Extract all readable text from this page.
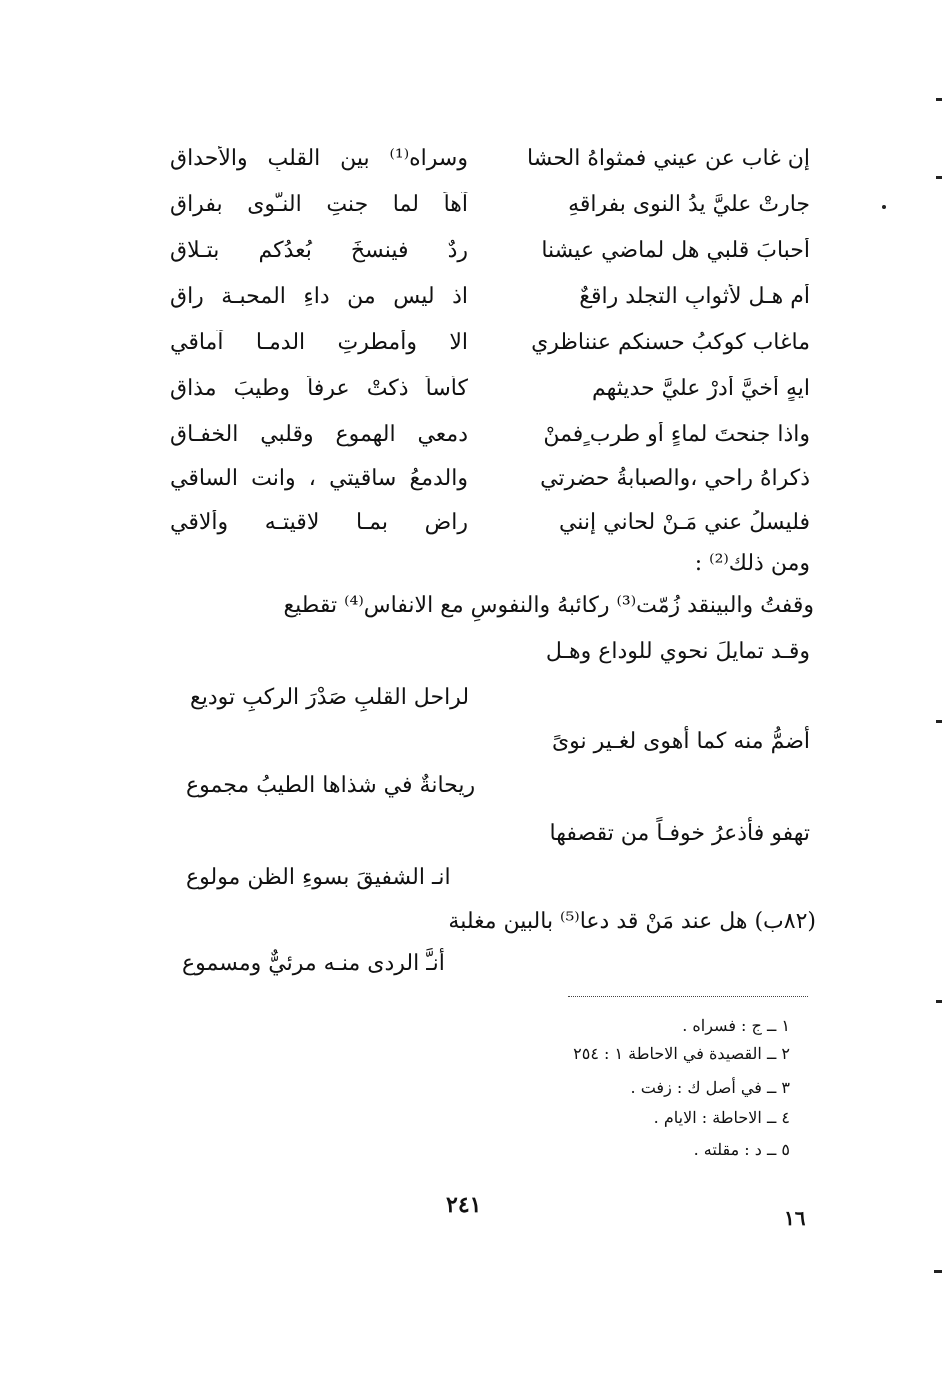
إن غاب عن عيني فمثواهُ الحشا
وسراه⁽¹⁾ بين القلبِ والأحداق
جارتْ عليَّ يدُ النوى بفراقهِ
آهاً لما جنتِ النـّوى بفراق
أحبابَ قلبي هل لماضي عيشنا
ردٌ فينسخَ بُعدُكم بتـلاق
أم هـل لأثوابِ التجلد راقعٌ
اذ ليس من داءِ المحبـة راق
ماغاب كوكبُ حسنكم عنناظري
الا وأمطرتِ الدمـا آماقي
ايهٍ أُخيَّ أدرْ عليَّ حديثهم
كأساً ذكتْ عرفاً وطيبَ مذاق
واذا جنحتَ لماءٍ أو طرب ٍفمنْ
دمعي الهموعِ وقلبي الخفـاق
ذكراهُ راحي ،والصبابةُ حضرتي
والدمعُ ساقيتي ، وانت الساقي
فليسلُ عني مَـنْ لحاني إنني
راضٍ بمـا لاقيتـه وألاقي
ومن ذلك⁽²⁾ :
وقفتُ والبينقد زُمّت⁽³⁾ ركائبهُ والنفوسِ مع الانفاس⁽⁴⁾ تقطيع
وقـد تمايلَ نحوي للوداع وهـل
لراحل القلبِ صَدْرَ الركبِ توديع
أضمُّ منه كما أهوى لغـير نوىً
ريحانةٌ في شذاها الطيبُ مجموع
تهفو فأذعرُ خوفـاً من تقصفها
انـ الشفيقَ بسوءِ الظن مولوع
(٨٢ب) هل عند مَنْ قد دعا⁽⁵⁾ بالبين مغلبة
أنـَّ الردى منـه مرئيٌّ ومسموع
١ ــ ج : فسراه .
٢ ــ القصيدة في الاحاطة ١ : ٢٥٤
٣ ــ في أصل ك : زفت .
٤ ــ الاحاطة : الايام .
٥ ــ د : مقلته .
٢٤١	١٦
